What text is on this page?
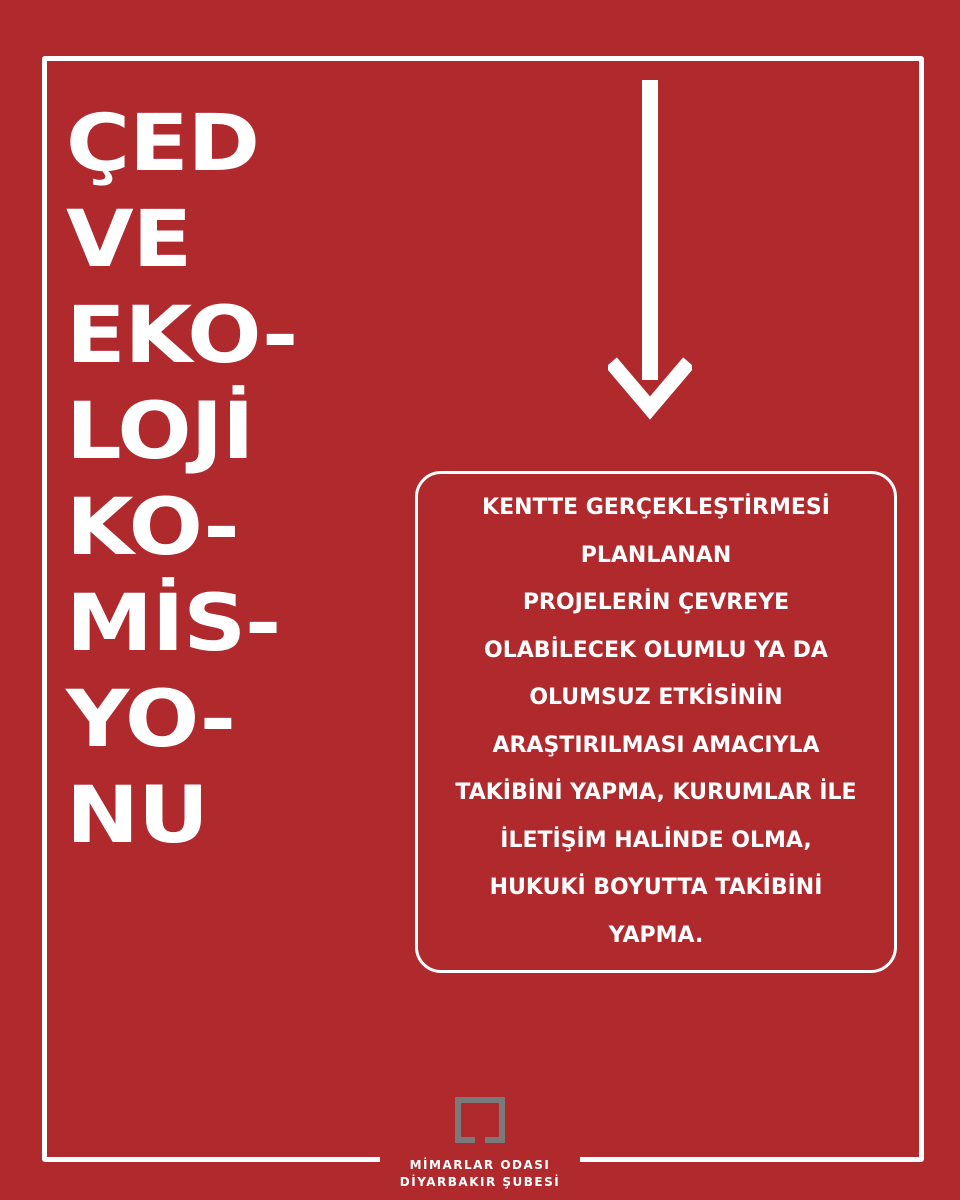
ÇED
VE
EKO-
LOJİ
KO-
MİS-
YO-
NU
KENTTE GERÇEKLEŞTİRMESİ
PLANLANAN
PROJELERİN ÇEVREYE
OLABİLECEK OLUMLU YA DA
OLUMSUZ ETKİSİNİN
ARAŞTIRILMASI AMACIYLA
TAKİBİNİ YAPMA, KURUMLAR İLE
İLETİŞİM HALİNDE OLMA,
HUKUKİ BOYUTTA TAKİBİNİ
YAPMA.

MİMARLAR ODASI
DİYARBAKIR ŞUBESİ
